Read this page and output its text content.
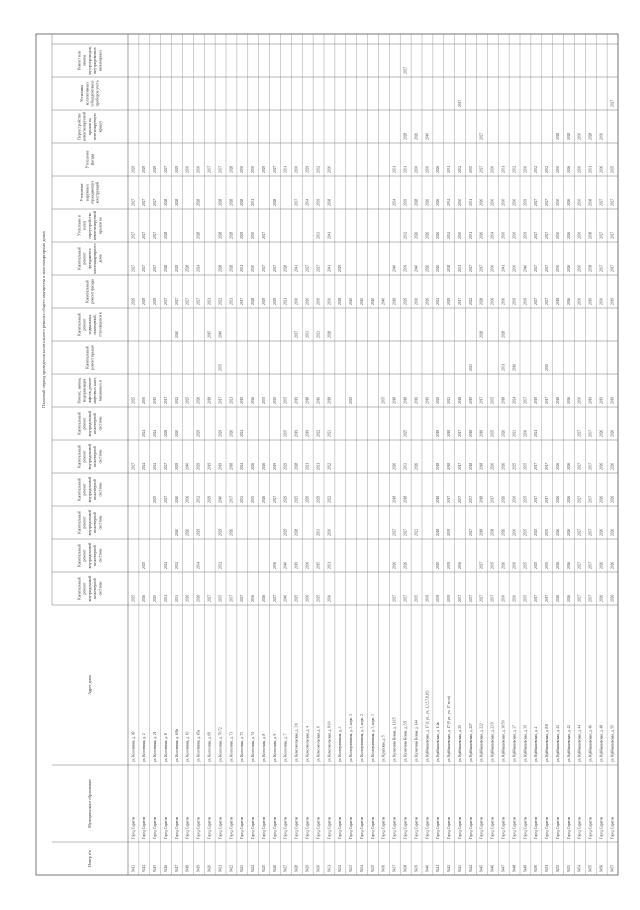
Плановый период проведения капитального ремонта общего имущества в многоквартирных домах
Капитальный ремонт внутридомовой инженерной системы
Капитальный ремонт внутридомовой инженерной системы
Капитальный ремонт внутридомовой инженерной системы
Капитальный ремонт внутридомовой инженерной системы
Капитальный ремонт внутридомовой инженерной системы
Капитальный ремонт внутридомовой инженерной системы
Ремонт, замена, модернизация лифтов, ремонт лифтовых шахт, машинных и
Капитальный ремонт крыши
Капитальный ремонт подвальных помещений, относящихся к
Капитальный ремонт фасада
Капитальный ремонт фундамента многоквартирного дома
Утепление и (или) переустройство невентилируемой крыши на
Утепление наружных ограждающих конструкций
Утепление фасада
Переустройство невентилируемой крыши на вентилируемую крышу
Установка коллективных (общедомовых) приборов учета
Ремонт или замена мусоропроводов, внутридомовых инженерных
Адрес дома
Муниципальное образование
Номер п/п
9413
Город Саратов
ул. Кологвина, д. 49
2025
2027
2025
2029
2027
2027
2027
2029
9414
Город Саратов
ул. Кологвина, д. 2
2026
2025
2024
2024
2030
2029
2027
2027
2027
2029
9415
Город Саратов
ул. Кологвина, д. 21
2025
2025
2024
2024
2015
2029
2027
2027
2027
2029
9416
Город Саратов
ул. Кологвина, д. 8
2031
2024
2027
2027
2028
2017
2027
2028
2028
2028
2027
9417
Город Саратов
ул. Кологвина, д. 6/8а
2033
2032
2040
2040
2029
2020
2022
2040
2027
2029
2028
2029
9418
Город Саратов
ул. Кологвина, д. 63
2026
2026
2036
2040
2025
2027
2028
2030
9419
Город Саратов
ул. Кологвина, д. 65а
2026
2034
2029
2032
2029
2029
2026
2027
2024
2028
2028
2030
9420
Город Саратов
ул. Колхозная, д. 69
2027
2029
2019
2018
2015
2021
2037
9421
Город Саратов
ул. Колхозная, д. 70/72
2035
2032
2029
2040
2019
2029
2017
2035
2040
2022
2028
2028
2028
2037
9422
Город Саратов
ул. Колхозная, д. 71
2037
2026
2037
2018
2026
2021
2021
2028
2028
2028
2028
9423
Город Саратов
ул. Колхозная, д. 73
2027
2033
2024
2024
2019
2017
2031
2029
2028
2030
9424
Город Саратов
ул. Колхозная, д. 74
2036
2035
2026
2026
2028
2030
2030
2031
2030
9425
Город Саратов
ул. Колхозная, д. 8
2026
2026
2026
2035
2029
2027
2027
2029
9426
Город Саратов
ул. Колхозная, д. 9
2027
2036
2027
2019
2020
2029
2027
2028
2027
9427
Город Саратов
ул. Колхозная, д. 7
2040
2040
2029
2029
2029
2035
2035
2021
2028
2031
9428
Город Саратов
ул. Комсомольская, д. 3/6
2025
2019
2028
2025
2028
2019
2019
2027
2030
2041
2037
2030
9429
Город Саратов
ул. Комсомольская, д. 4
2036
2036
2020
2021
2019
2018
2033
2020
2027
2034
2029
9430
Город Саратов
ул. Комсомольская, д. 6
2025
2015
2033
2029
2021
2022
2016
2023
2030
2027
2033
2039
2032
9431
Город Саратов
ул. Комсомольская, д. 8/10
2036
2031
2030
2022
2022
2023
2018
2028
2030
2041
2041
2038
2030
9432
Город Саратов
ул. Кооперативная, д. 3
2028
2029
9433
Город Саратов
ул. Кооперативная, д. 3, корп. 1
2025
2040
9434
Город Саратов
ул. Кооперативная, д. 3, корп. 2
2040
9435
Город Саратов
ул. Кооперативная, д. 3, корп. 3
2040
9436
Город Саратов
ул. Крупская, д. 5
2035
2040
9437
Город Саратов
ул. Кузнечная Новая, д. 11/15
2027
2026
2027
2018
2026
2018
2018
2040
2034
2031
9438
Город Саратов
ул. Кузнечная Новая, д. 5/9
2027
2026
2027
2018
2033
2025
2018
2029
2039
2032
2039
2031
2028
2027
9439
Город Саратов
ул. Кузнечная Новая, д. 144
2035
2023
2026
2016
2030
2040
2026
2028
2030
2026
9440
Город Саратов
ул. Куйбышевская, д. 17 (1 ул., уч. 1,3,5,7,8,10)
2039
2019
2026
2026
2026
2026
2030
2040
9441
Город Саратов
ул. Куйбышевская, д. 1/4в
2039
2020
2018
2018
2018
2018
2025
2024
2040
2026
2026
2026
9442
Город Саратов
ул. Куйбышевская, д. 17 (9 ул., уч. 17 по м)
2039
2039
2039
2017
2018
2018
2023
2029
2038
2034
2034
2031
9443
Город Саратов
ул. Куйбышевская, д. 25
2037
2036
2037
2017
2017
2018
2017
2031
2030
2030
2032
2017
9444
Город Саратов
ул. Куйбышевская, д. 227
2037
2027
2037
2018
2018
2019
2023
2022
2027
2031
2031
2035
9445
Город Саратов
ул. Куйбышевская, д. 232
2027
2027
2018
2018
2018
2018
2017
2028
2028
2017
2026
2026
2027
2027
9446
Город Саратов
ул. Куйбышевская, д. 23/9
2037
2035
2038
2017
2020
2035
2035
2036
2030
2034
2030
2030
9447
Город Саратов
ул. Куйбышевская, д. 36/50
2030
2026
2026
2026
2026
2026
2018
2031
2028
2036
2041
2030
2030
2031
9448
Город Саратов
ул. Куйбышевская, д. 37
2030
2030
2030
2030
2025
2023
2024
2016
2039
2030
2030
2030
2032
9449
Город Саратов
ул. Куйбышевская, д. 39
2035
2035
2035
2035
2035
2036
2037
2039
2040
2039
2039
2030
9450
Город Саратов
ул. Куйбышевская, д. 4
2017
2025
2025
2017
2017
2021
2019
2027
2027
2027
2027
2032
9451
Город Саратов
ул. Куйбышевская, д. 8/8
2017
2035
2035
2017
2017
2017
2025
2027
2027
2027
2027
2032
9452
Город Саратов
ул. Куйбышевская, д. 41
2026
2026
2026
2026
2026
2018
2018
2030
2030
2030
2030
2028
9453
Город Саратов
ул. Куйбышевская, д. 42
2026
2026
2026
2026
2026
2026
2026
2026
2026
2026
2026
2028
9454
Город Саратов
ул. Куйбышевская, д. 44
2027
2027
2027
2027
2027
2027
2030
2030
2030
2030
2030
2030
2030
9455
Город Саратов
ул. Куйбышевская, д. 46
2037
2037
2037
2037
2037
2037
2019
2019
2038
2038
2038
2031
2028
9456
Город Саратов
ул. Куйбышевская, д. 48
2026
2026
2026
2026
2026
2026
2019
2030
2037
2027
2027
2036
2030
9457
Город Саратов
ул. Куйбышевская, д. 50
2026
2026
2026
2026
2026
2026
2019
2019
2017
2027
2027
2035
2027
